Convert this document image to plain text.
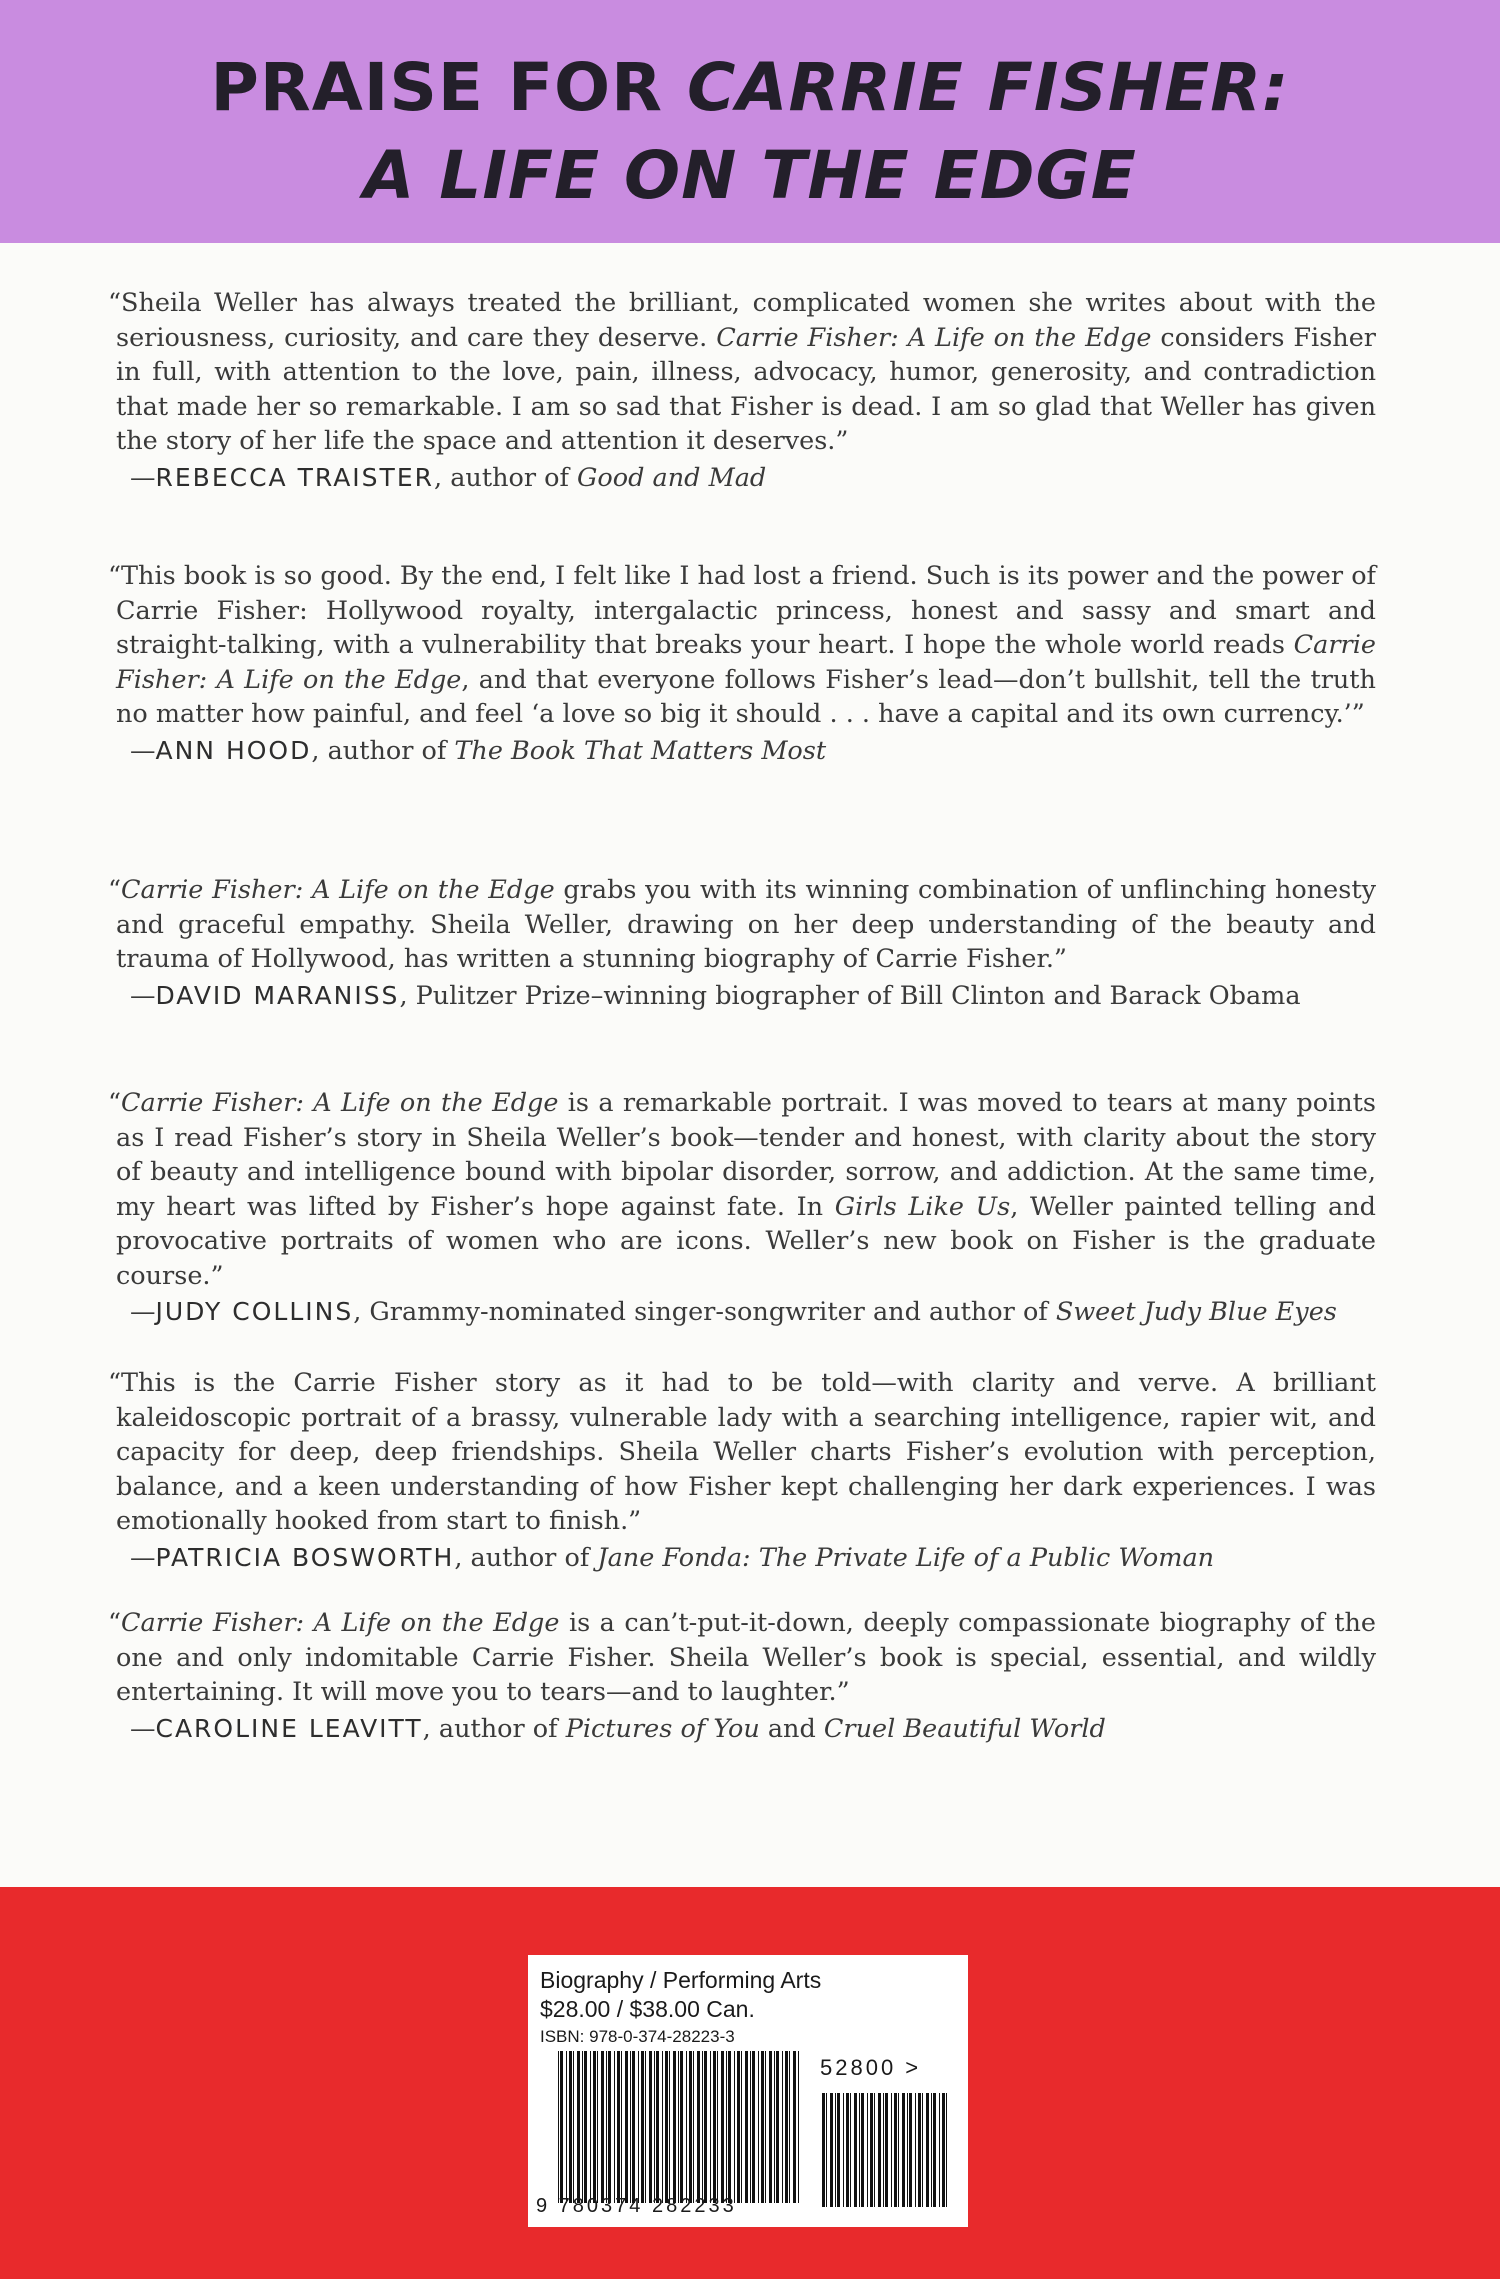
PRAISE FOR CARRIE FISHER:
A LIFE ON THE EDGE

“Sheila Weller has always treated the brilliant, complicated women she writes about with the seriousness, curiosity, and care they deserve. Carrie Fisher: A Life on the Edge considers Fisher in full, with attention to the love, pain, illness, advocacy, humor, generosity, and contradiction that made her so remarkable. I am so sad that Fisher is dead. I am so glad that Weller has given the story of her life the space and attention it deserves.”

—REBECCA TRAISTER, author of Good and Mad

“This book is so good. By the end, I felt like I had lost a friend. Such is its power and the power of Carrie Fisher: Hollywood royalty, intergalactic princess, honest and sassy and smart and straight-talking, with a vulnerability that breaks your heart. I hope the whole world reads Carrie Fisher: A Life on the Edge, and that everyone follows Fisher’s lead—don’t bullshit, tell the truth no matter how painful, and feel ‘a love so big it should . . . have a capital and its own currency.’”

—ANN HOOD, author of The Book That Matters Most

“Carrie Fisher: A Life on the Edge grabs you with its winning combination of unflinching honesty and graceful empathy. Sheila Weller, drawing on her deep understanding of the beauty and trauma of Hollywood, has written a stunning biography of Carrie Fisher.”

—DAVID MARANISS, Pulitzer Prize–winning biographer of Bill Clinton and Barack Obama

“Carrie Fisher: A Life on the Edge is a remarkable portrait. I was moved to tears at many points as I read Fisher’s story in Sheila Weller’s book—tender and honest, with clarity about the story of beauty and intelligence bound with bipolar disorder, sorrow, and addiction. At the same time, my heart was lifted by Fisher’s hope against fate. In Girls Like Us, Weller painted telling and provocative portraits of women who are icons. Weller’s new book on Fisher is the graduate course.”

—JUDY COLLINS, Grammy-nominated singer-songwriter and author of Sweet Judy Blue Eyes

“This is the Carrie Fisher story as it had to be told—with clarity and verve. A brilliant kaleidoscopic portrait of a brassy, vulnerable lady with a searching intelligence, rapier wit, and capacity for deep, deep friendships. Sheila Weller charts Fisher’s evolution with perception, balance, and a keen understanding of how Fisher kept challenging her dark experiences. I was emotionally hooked from start to finish.”

—PATRICIA BOSWORTH, author of Jane Fonda: The Private Life of a Public Woman

“Carrie Fisher: A Life on the Edge is a can’t-put-it-down, deeply compassionate biography of the one and only indomitable Carrie Fisher. Sheila Weller’s book is special, essential, and wildly entertaining. It will move you to tears—and to laughter.”

—CAROLINE LEAVITT, author of Pictures of You and Cruel Beautiful World
Biography / Performing Arts
$28.00 / $38.00 Can.
ISBN: 978-0-374-28223-3
52800 >
9 780374 282233
